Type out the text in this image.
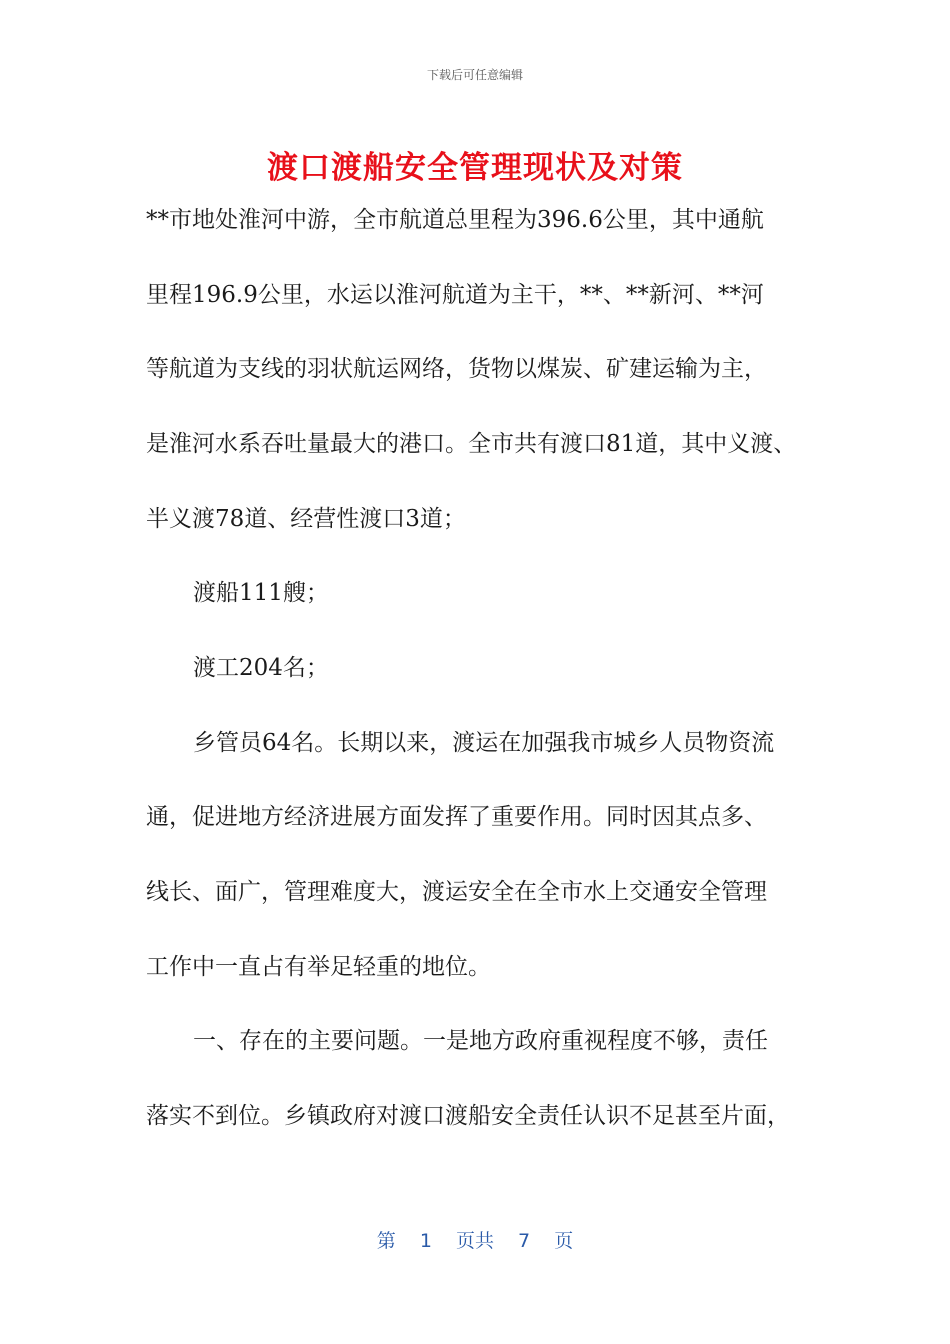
下载后可任意编辑
渡口渡船安全管理现状及对策
**市地处淮河中游，全市航道总里程为396.6公里，其中通航
里程196.9公里，水运以淮河航道为主干，**、**新河、**河
等航道为支线的羽状航运网络，货物以煤炭、矿建运输为主，
是淮河水系吞吐量最大的港口。全市共有渡口81道，其中义渡、
半义渡78道、经营性渡口3道；
渡船111艘；
渡工204名；
乡管员64名。长期以来，渡运在加强我市城乡人员物资流
通，促进地方经济进展方面发挥了重要作用。同时因其点多、
线长、面广，管理难度大，渡运安全在全市水上交通安全管理
工作中一直占有举足轻重的地位。
一、存在的主要问题。一是地方政府重视程度不够，责任
落实不到位。乡镇政府对渡口渡船安全责任认识不足甚至片面，
第 1 页共 7 页
